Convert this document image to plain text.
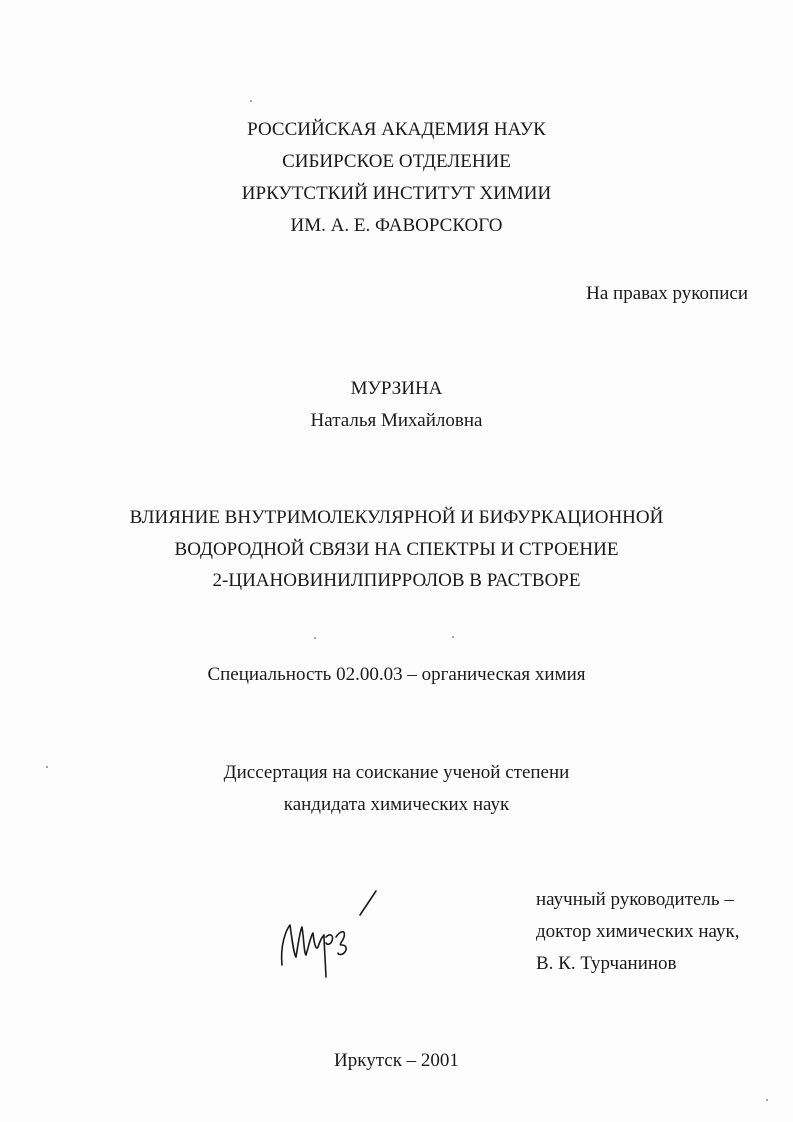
РОССИЙСКАЯ АКАДЕМИЯ НАУК
СИБИРСКОЕ ОТДЕЛЕНИЕ
ИРКУТСТКИЙ ИНСТИТУТ ХИМИИ
ИМ. А. Е. ФАВОРСКОГО
На правах рукописи
МУРЗИНА
Наталья Михайловна
ВЛИЯНИЕ ВНУТРИМОЛЕКУЛЯРНОЙ И БИФУРКАЦИОННОЙ
ВОДОРОДНОЙ СВЯЗИ НА СПЕКТРЫ И СТРОЕНИЕ
2-ЦИАНОВИНИЛПИРРОЛОВ В РАСТВОРЕ
Специальность 02.00.03 – органическая химия
Диссертация на соискание ученой степени
кандидата химических наук
научный руководитель –
доктор химических наук,
В. К. Турчанинов
Иркутск – 2001
